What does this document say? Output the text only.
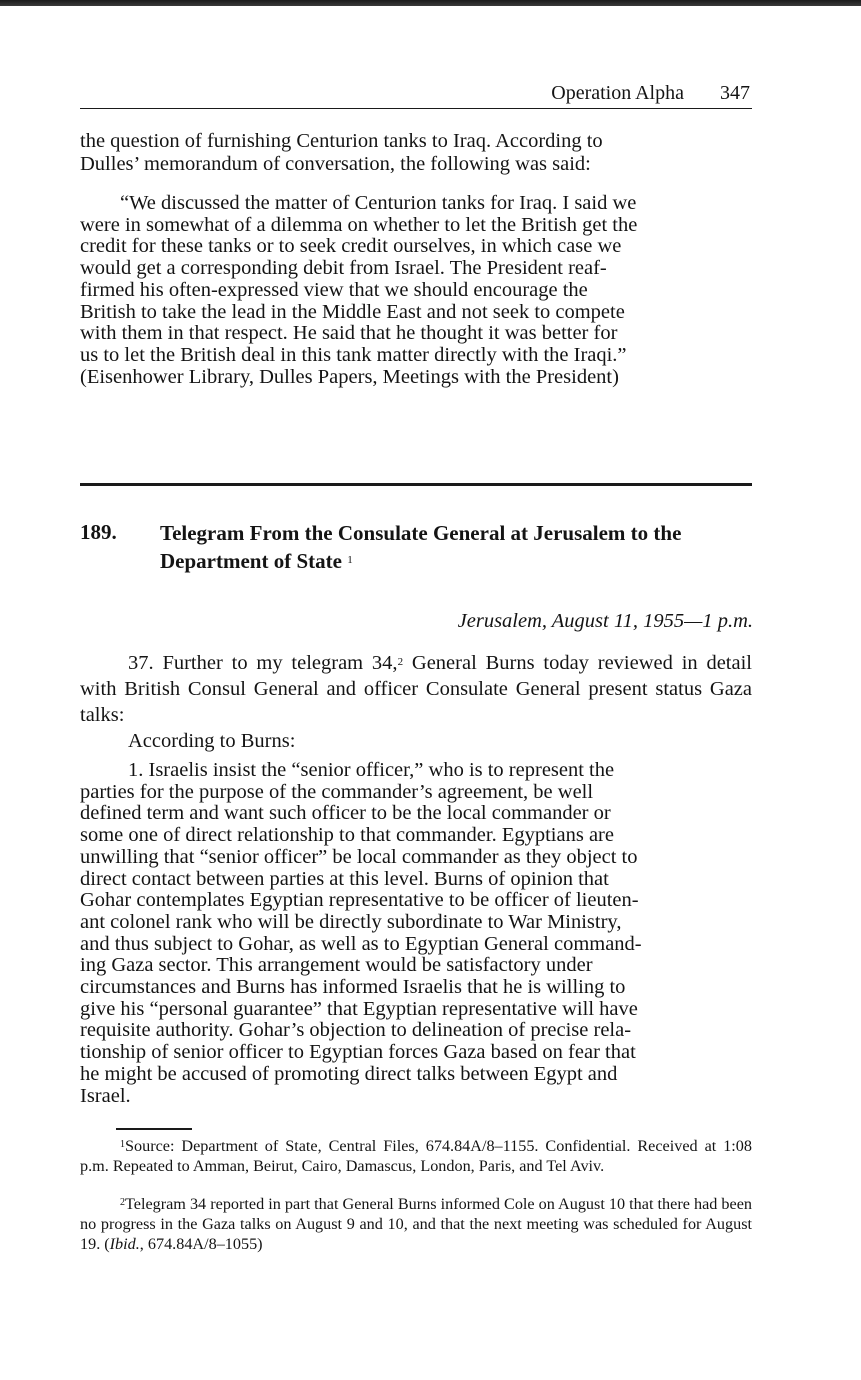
Operation Alpha 347
the question of furnishing Centurion tanks to Iraq. According to
Dulles’ memorandum of conversation, the following was said:
“We discussed the matter of Centurion tanks for Iraq. I said we
were in somewhat of a dilemma on whether to let the British get the
credit for these tanks or to seek credit ourselves, in which case we
would get a corresponding debit from Israel. The President reaf-
firmed his often-expressed view that we should encourage the
British to take the lead in the Middle East and not seek to compete
with them in that respect. He said that he thought it was better for
us to let the British deal in this tank matter directly with the Iraqi.”
(Eisenhower Library, Dulles Papers, Meetings with the President)
189. Telegram From the Consulate General at Jerusalem to the Department of State $^1$
Jerusalem, August 11, 1955—1 p.m.
37. Further to my telegram 34,$^2$ General Burns today reviewed in detail with British Consul General and officer Consulate General present status Gaza talks:
According to Burns:
1. Israelis insist the “senior officer,” who is to represent the
parties for the purpose of the commander’s agreement, be well
defined term and want such officer to be the local commander or
some one of direct relationship to that commander. Egyptians are
unwilling that “senior officer” be local commander as they object to
direct contact between parties at this level. Burns of opinion that
Gohar contemplates Egyptian representative to be officer of lieuten-
ant colonel rank who will be directly subordinate to War Ministry,
and thus subject to Gohar, as well as to Egyptian General command-
ing Gaza sector. This arrangement would be satisfactory under
circumstances and Burns has informed Israelis that he is willing to
give his “personal guarantee” that Egyptian representative will have
requisite authority. Gohar’s objection to delineation of precise rela-
tionship of senior officer to Egyptian forces Gaza based on fear that
he might be accused of promoting direct talks between Egypt and
Israel.
$^1$Source: Department of State, Central Files, 674.84A/8–1155. Confidential. Received at 1:08 p.m. Repeated to Amman, Beirut, Cairo, Damascus, London, Paris, and Tel Aviv.
$^2$Telegram 34 reported in part that General Burns informed Cole on August 10 that there had been no progress in the Gaza talks on August 9 and 10, and that the next meeting was scheduled for August 19. (Ibid., 674.84A/8–1055)
